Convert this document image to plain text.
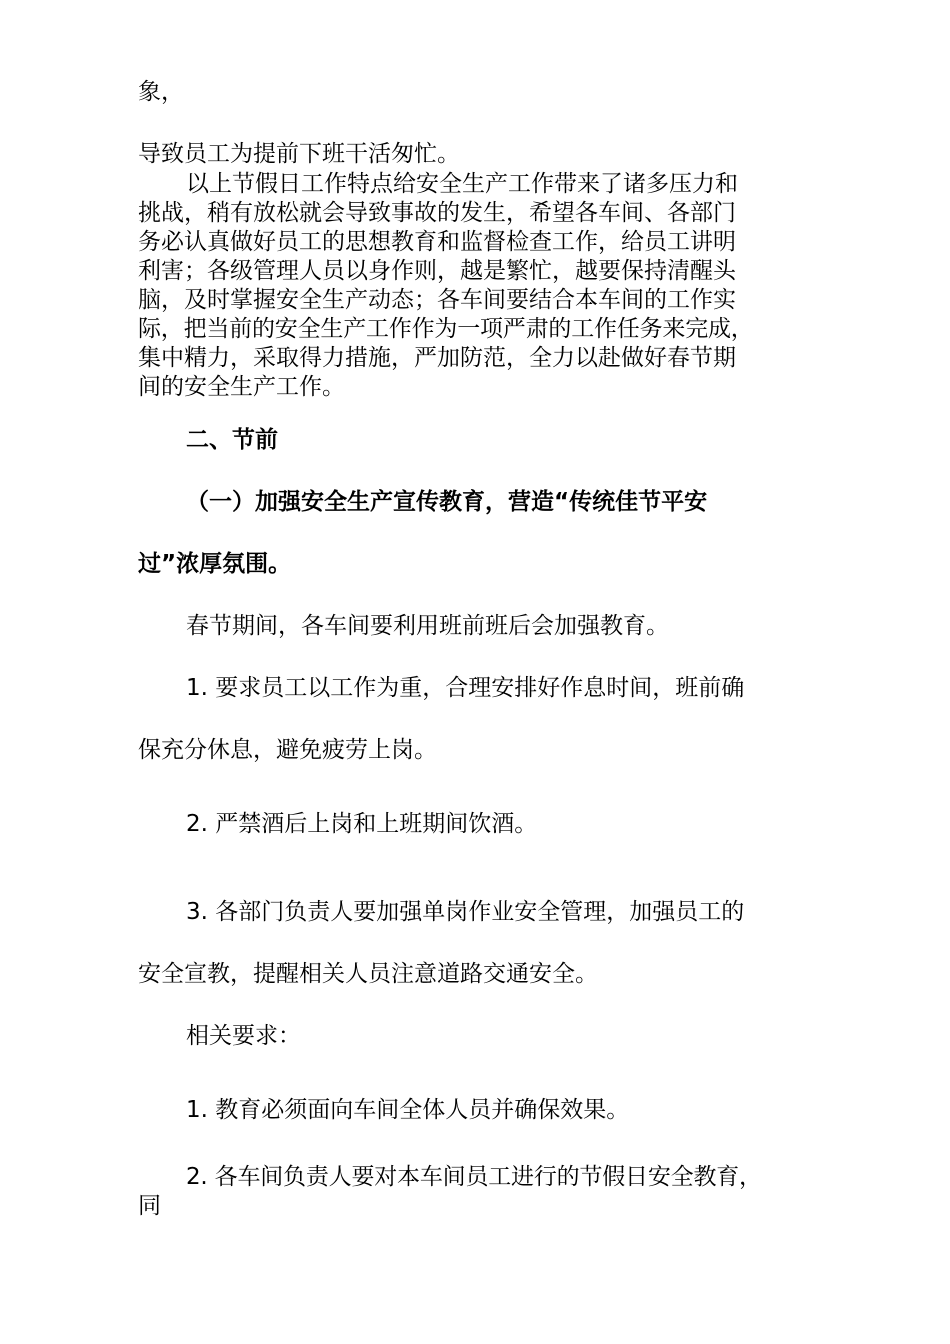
象，
导致员工为提前下班干活匆忙。
以上节假日工作特点给安全生产工作带来了诸多压力和
挑战，稍有放松就会导致事故的发生，希望各车间、各部门
务必认真做好员工的思想教育和监督检查工作，给员工讲明
利害；各级管理人员以身作则，越是繁忙，越要保持清醒头
脑，及时掌握安全生产动态；各车间要结合本车间的工作实
际，把当前的安全生产工作作为一项严肃的工作任务来完成，
集中精力，采取得力措施，严加防范，全力以赴做好春节期
间的安全生产工作。
二、节前
（一）加强安全生产宣传教育，营造“传统佳节平安
过”浓厚氛围。
春节期间，各车间要利用班前班后会加强教育。
1. 要求员工以工作为重，合理安排好作息时间，班前确
保充分休息，避免疲劳上岗。
2. 严禁酒后上岗和上班期间饮酒。
3. 各部门负责人要加强单岗作业安全管理，加强员工的
安全宣教，提醒相关人员注意道路交通安全。
相关要求：
1. 教育必须面向车间全体人员并确保效果。
2. 各车间负责人要对本车间员工进行的节假日安全教育，
同
